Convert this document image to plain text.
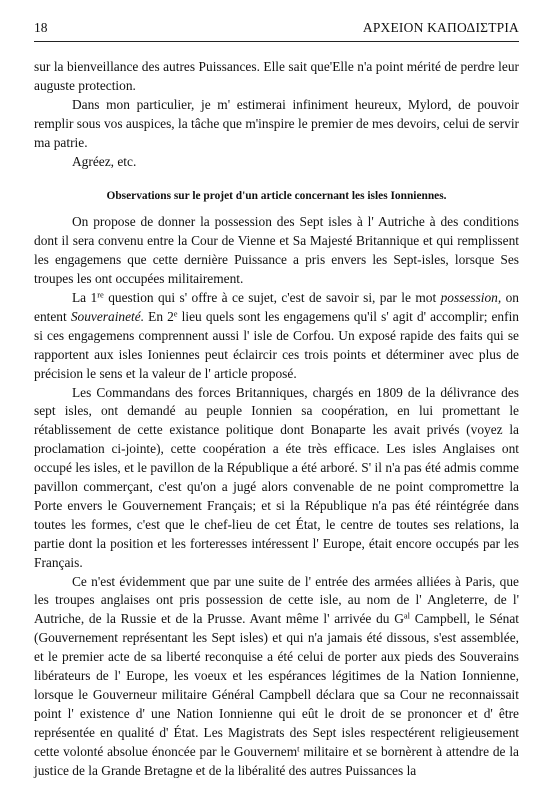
18	ΑΡΧΕΙΟΝ ΚΑΠΟΔΙΣΤΡΙΑ

sur la bienveillance des autres Puissances. Elle sait que'Elle n'a point mérité de perdre leur auguste protection.

Dans mon particulier, je m' estimerai infiniment heureux, Mylord, de pouvoir remplir sous vos auspices, la tâche que m'inspire le premier de mes devoirs, celui de servir ma patrie.

Agréez, etc.

Observations sur le projet d'un article concernant les isles Ionniennes.

On propose de donner la possession des Sept isles à l' Autriche à des conditions dont il sera convenu entre la Cour de Vienne et Sa Majesté Britannique et qui remplissent les engagemens que cette dernière Puissance a pris envers les Sept-isles, lorsque Ses troupes les ont occupées militairement.

La 1re question qui s' offre à ce sujet, c'est de savoir si, par le mot possession, on entent Souveraineté. En 2e lieu quels sont les engagemens qu'il s' agit d' accomplir; enfin si ces engagemens comprennent aussi l' isle de Corfou. Un exposé rapide des faits qui se rapportent aux isles Ioniennes peut éclaircir ces trois points et déterminer avec plus de précision le sens et la valeur de l' article proposé.

Les Commandans des forces Britanniques, chargés en 1809 de la délivrance des sept isles, ont demandé au peuple Ionnien sa coopération, en lui promettant le rétablissement de cette existance politique dont Bonaparte les avait privés (voyez la proclamation ci-jointe), cette coopération a éte très efficace. Les isles Anglaises ont occupé les isles, et le pavillon de la République a été arboré. S' il n'a pas été admis comme pavillon commerçant, c'est qu'on a jugé alors convenable de ne point compromettre la Porte envers le Gouvernement Français; et si la République n'a pas été réintégrée dans toutes les formes, c'est que le chef-lieu de cet État, le centre de toutes ses relations, la partie dont la position et les forteresses intéressent l' Europe, était encore occupés par les Français.

Ce n'est évidemment que par une suite de l' entrée des armées alliées à Paris, que les troupes anglaises ont pris possession de cette isle, au nom de l' Angleterre, de l' Autriche, de la Russie et de la Prusse. Avant même l' arrivée du $G^{al}$ Campbell, le Sénat (Gouvernement représentant les Sept isles) et qui n'a jamais été dissous, s'est assemblée, et le premier acte de sa liberté reconquise a été celui de porter aux pieds des Souverains libérateurs de l' Europe, les voeux et les espérances légitimes de la Nation Ionnienne, lorsque le Gouverneur militaire Général Campbell déclara que sa Cour ne reconnaissait point l' existence d' une Nation Ionnienne qui eût le droit de se prononcer et d' être représentée en qualité d' État. Les Magistrats des Sept isles respectérent religieusement cette volonté absolue énoncée par le Gouvernem$^t$ militaire et se bornèrent à attendre de la justice de la Grande Bretagne et de la libéralité des autres Puissances la
